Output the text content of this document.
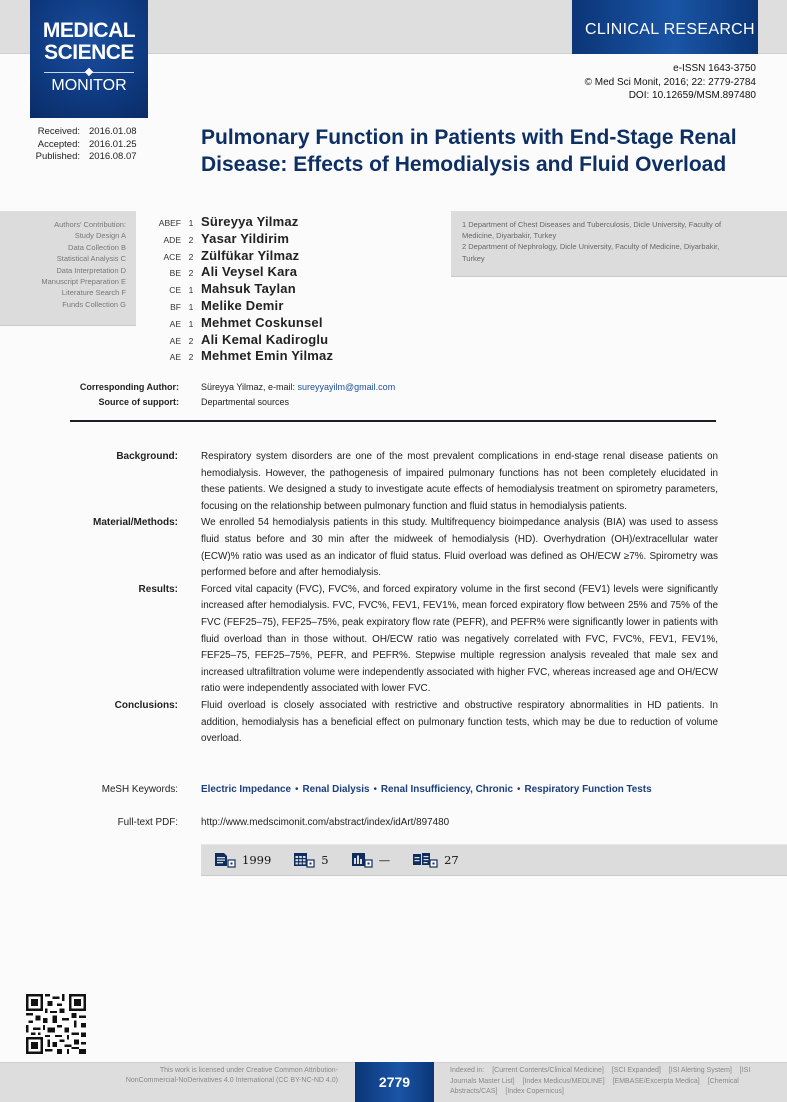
MEDICAL
SCIENCE
MONITOR
CLINICAL RESEARCH
e-ISSN 1643-3750
© Med Sci Monit, 2016; 22: 2779-2784
DOI: 10.12659/MSM.897480
Received: 2016.01.08
Accepted: 2016.01.25
Published: 2016.08.07
Pulmonary Function in Patients with End-Stage Renal Disease: Effects of Hemodialysis and Fluid Overload
Authors' Contribution:
Study Design A
Data Collection B
Statistical Analysis C
Data Interpretation D
Manuscript Preparation E
Literature Search F
Funds Collection G
ABEF 1 Süreyya Yilmaz
ADE 2 Yasar Yildirim
ACE 2 Zülfükar Yilmaz
BE 2 Ali Veysel Kara
CE 1 Mahsuk Taylan
BF 1 Melike Demir
AE 1 Mehmet Coskunsel
AE 2 Ali Kemal Kadiroglu
AE 2 Mehmet Emin Yilmaz
1 Department of Chest Diseases and Tuberculosis, Dicle University, Faculty of Medicine, Diyarbakir, Turkey
2 Department of Nephrology, Dicle University, Faculty of Medicine, Diyarbakir, Turkey
Corresponding Author: Süreyya Yilmaz, e-mail: sureyyayilm@gmail.com
Source of support: Departmental sources
Background: Respiratory system disorders are one of the most prevalent complications in end-stage renal disease patients on hemodialysis. However, the pathogenesis of impaired pulmonary functions has not been completely elucidated in these patients. We designed a study to investigate acute effects of hemodialysis treatment on spirometry parameters, focusing on the relationship between pulmonary function and fluid status in hemodialysis patients.
Material/Methods: We enrolled 54 hemodialysis patients in this study. Multifrequency bioimpedance analysis (BIA) was used to assess fluid status before and 30 min after the midweek of hemodialysis (HD). Overhydration (OH)/extracellular water (ECW)% ratio was used as an indicator of fluid status. Fluid overload was defined as OH/ECW ≥7%. Spirometry was performed before and after hemodialysis.
Results: Forced vital capacity (FVC), FVC%, and forced expiratory volume in the first second (FEV1) levels were significantly increased after hemodialysis. FVC, FVC%, FEV1, FEV1%, mean forced expiratory flow between 25% and 75% of the FVC (FEF25–75), FEF25–75%, peak expiratory flow rate (PEFR), and PEFR% were significantly lower in patients with fluid overload than in those without. OH/ECW ratio was negatively correlated with FVC, FVC%, FEV1, FEV1%, FEF25–75, FEF25–75%, PEFR, and PEFR%. Stepwise multiple regression analysis revealed that male sex and increased ultrafiltration volume were independently associated with higher FVC, whereas increased age and OH/ECW ratio were independently associated with lower FVC.
Conclusions: Fluid overload is closely associated with restrictive and obstructive respiratory abnormalities in HD patients. In addition, hemodialysis has a beneficial effect on pulmonary function tests, which may be due to reduction of volume overload.
MeSH Keywords: Electric Impedance • Renal Dialysis • Renal Insufficiency, Chronic • Respiratory Function Tests
Full-text PDF: http://www.medscimonit.com/abstract/index/idArt/897480
1999	5	—	27
This work is licensed under Creative Common Attribution-
NonCommercial-NoDerivatives 4.0 International (CC BY-NC-ND 4.0)	2779
Indexed in: [Current Contents/Clinical Medicine] [SCI Expanded] [ISI Alerting System] [ISI Journals Master List] [Index Medicus/MEDLINE] [EMBASE/Excerpta Medica] [Chemical Abstracts/CAS] [Index Copernicus]
